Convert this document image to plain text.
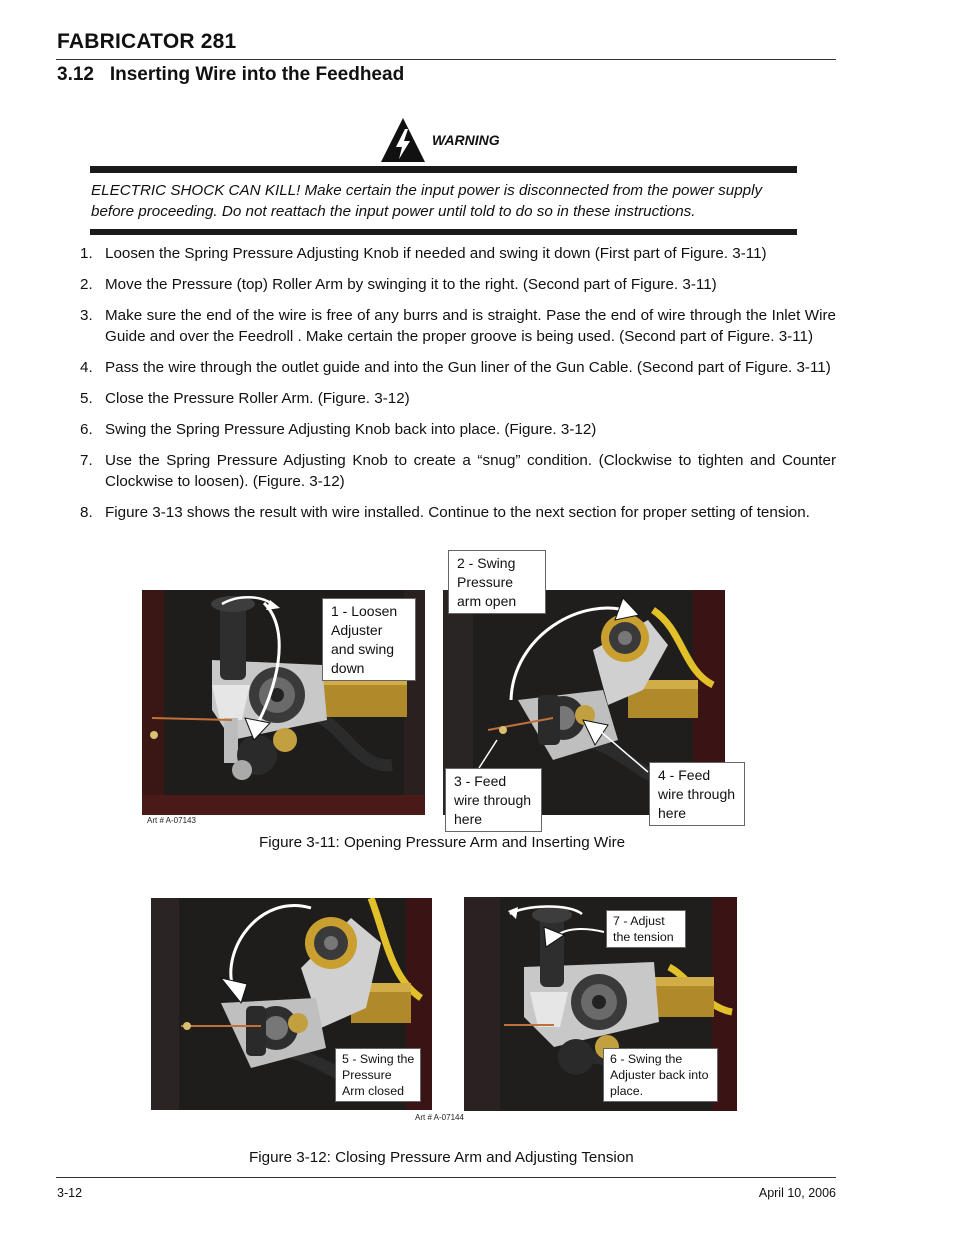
FABRICATOR 281
3.12   Inserting Wire into the Feedhead
WARNING
ELECTRIC SHOCK CAN KILL! Make certain the input power is disconnected from the power supply before proceeding. Do not reattach the input power until told to do so in these instructions.
1. Loosen the Spring Pressure Adjusting Knob if needed and swing it down (First part of Figure. 3-11)
2. Move the Pressure (top) Roller Arm by swinging it to the right. (Second part of Figure. 3-11)
3. Make sure the end of the wire is free of any burrs and is straight. Pase the end of wire through the Inlet Wire Guide and over the Feedroll . Make certain the proper groove is being used. (Second part of Figure. 3-11)
4. Pass the wire through the outlet guide and into the Gun liner of the Gun Cable. (Second part of Figure. 3-11)
5. Close the Pressure Roller Arm. (Figure. 3-12)
6. Swing the Spring Pressure Adjusting Knob back into place. (Figure. 3-12)
7. Use the Spring Pressure Adjusting Knob to create a “snug” condition. (Clockwise to tighten and Counter Clockwise to loosen). (Figure. 3-12)
8. Figure 3-13 shows the result with wire installed. Continue to the next section for proper setting of tension.
1 - Loosen Adjuster and swing down
2 - Swing Pressure arm open
3 - Feed wire through here
4 - Feed wire through here
Art # A-07143
Figure 3-11: Opening Pressure Arm and Inserting Wire
5 - Swing the Pressure Arm closed
7 - Adjust the tension
6 - Swing the Adjuster back into place.
Art # A-07144
Figure 3-12: Closing Pressure Arm and Adjusting Tension
3-12	April 10, 2006
